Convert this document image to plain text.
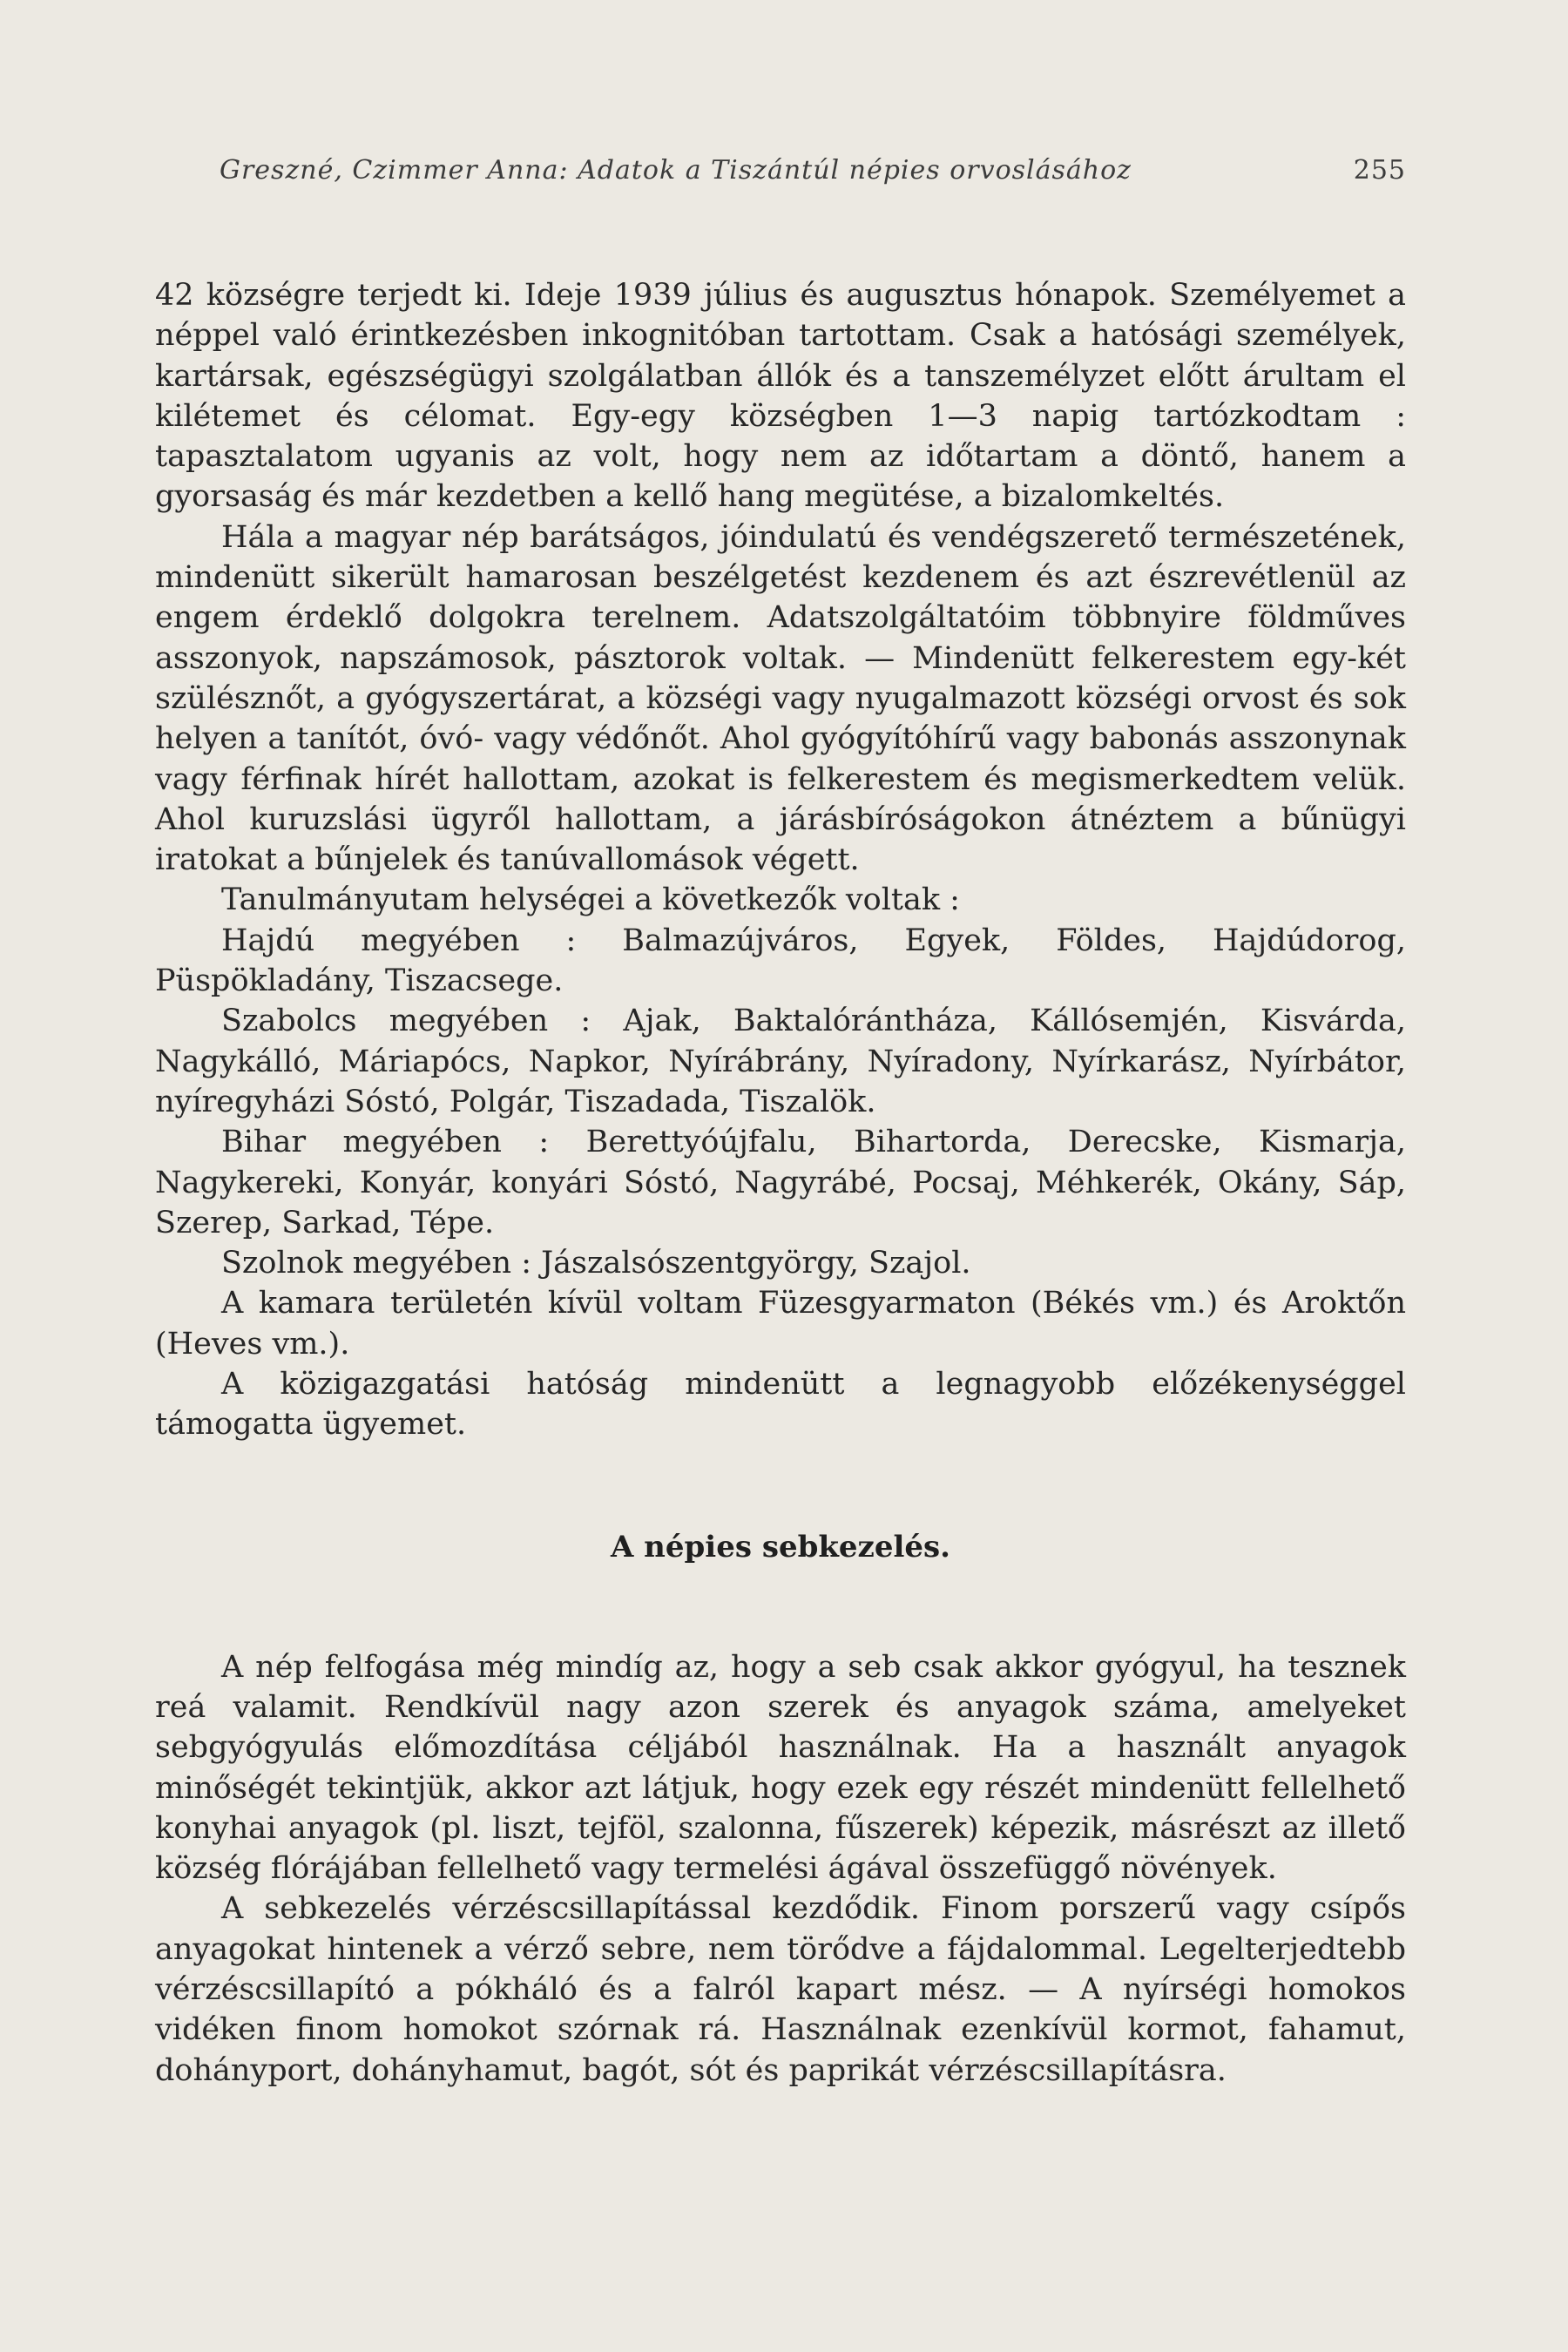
Greszné, Czimmer Anna: Adatok a Tiszántúl népies orvoslásához	255

42 községre terjedt ki. Ideje 1939 július és augusztus hónapok. Személyemet a néppel való érintkezésben inkognitóban tartottam. Csak a hatósági személyek, kartársak, egészségügyi szolgálatban állók és a tanszemélyzet előtt árultam el kilétemet és célomat. Egy-egy községben 1—3 napig tartózkodtam : tapasztalatom ugyanis az volt, hogy nem az időtartam a döntő, hanem a gyorsaság és már kezdetben a kellő hang megütése, a bizalomkeltés.

Hála a magyar nép barátságos, jóindulatú és vendégszerető természetének, mindenütt sikerült hamarosan beszélgetést kezdenem és azt észrevétlenül az engem érdeklő dolgokra terelnem. Adatszolgáltatóim többnyire földműves asszonyok, napszámosok, pásztorok voltak. — Mindenütt felkerestem egy-két szülésznőt, a gyógyszertárat, a községi vagy nyugalmazott községi orvost és sok helyen a tanítót, óvó- vagy védőnőt. Ahol gyógyítóhírű vagy babonás asszonynak vagy férfinak hírét hallottam, azokat is felkerestem és megismerkedtem velük. Ahol kuruzslási ügyről hallottam, a járásbíróságokon átnéztem a bűnügyi iratokat a bűnjelek és tanúvallomások végett.

Tanulmányutam helységei a következők voltak :

Hajdú megyében : Balmazújváros, Egyek, Földes, Hajdúdorog, Püspökladány, Tiszacsege.

Szabolcs megyében : Ajak, Baktalórántháza, Kállósemjén, Kisvárda, Nagykálló, Máriapócs, Napkor, Nyírábrány, Nyíradony, Nyírkarász, Nyírbátor, nyíregyházi Sóstó, Polgár, Tiszadada, Tiszalök.

Bihar megyében : Berettyóújfalu, Bihartorda, Derecske, Kismarja, Nagykereki, Konyár, konyári Sóstó, Nagyrábé, Pocsaj, Méhkerék, Okány, Sáp, Szerep, Sarkad, Tépe.

Szolnok megyében : Jászalsószentgyörgy, Szajol.

A kamara területén kívül voltam Füzesgyarmaton (Békés vm.) és Aroktőn (Heves vm.).

A közigazgatási hatóság mindenütt a legnagyobb előzékenységgel támogatta ügyemet.

A népies sebkezelés.

A nép felfogása még mindíg az, hogy a seb csak akkor gyógyul, ha tesznek reá valamit. Rendkívül nagy azon szerek és anyagok száma, amelyeket sebgyógyulás előmozdítása céljából használnak. Ha a használt anyagok minőségét tekintjük, akkor azt látjuk, hogy ezek egy részét mindenütt fellelhető konyhai anyagok (pl. liszt, tejföl, szalonna, fűszerek) képezik, másrészt az illető község flórájában fellelhető vagy termelési ágával összefüggő növények.

A sebkezelés vérzéscsillapítással kezdődik. Finom porszerű vagy csípős anyagokat hintenek a vérző sebre, nem törődve a fájdalommal. Legelterjedtebb vérzéscsillapító a pókháló és a falról kapart mész. — A nyírségi homokos vidéken finom homokot szórnak rá. Használnak ezenkívül kormot, fahamut, dohányport, dohányhamut, bagót, sót és paprikát vérzéscsillapításra.
